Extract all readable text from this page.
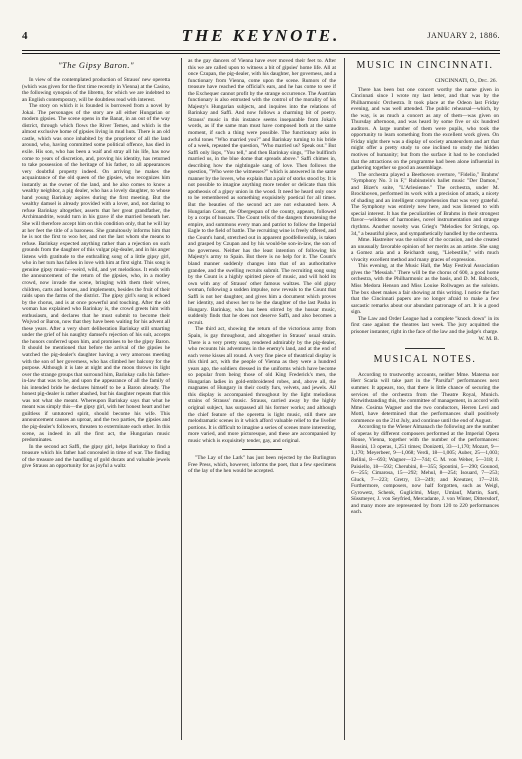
4	THE KEYNOTE.	JANUARY 2, 1886.
"The Gipsy Baron."

In view of the contemplated production of Strauss' new operetta (which was given for the first time recently in Vienna) at the Casino, the following synopsis of the libretto, for which we are indebted to an English contemporary, will be doubtless read with interest.

The story on which it is founded is borrowed from a novel by Jokai. The personages of the story are all either Hungarian or modern gipsies. The scene opens in the Banat, in an out of the way district, through which flows the River Temes, and which is the almost exclusive home of gipsies living in mud huts. There is an old castle, which was once inhabited by the proprietor of all the land around, who, having committed some political offence, has died in exile. His son, who has been a waif and stray all his life, has now come to years of discretion, and, proving his identity, has returned to take possession of the heritage of his father, to all appearances very doubtful property indeed. On arriving he makes the acquaintance of the old queen of the gipsies, who recognizes him instantly as the owner of the land, and he also comes to know a wealthy neighbor, a pig dealer, who has a lovely daughter, to whose hand young Barinkay aspires during the first meeting. But the wealthy damsel is already provided with a lover, and, not daring to refuse Barinkay altogether, asserts that her great grandfather, the Archimandrite, would turn in his grave if she married beneath her. She will therefore accept him on this condition only, that he will lay at her feet the title of a baroness. She gratuitously informs him that he is not the first to woo her, and not the last whom she means to refuse. Barinkay expected anything rather than a rejection on such grounds from the daughter of this vulgar pig-dealer, and in his anger listens with gratitude to the enthralling song of a little gipsy girl, who in her turn has fallen in love with him at first sight. This song is genuine gipsy music—weird, wild, and yet melodious. It ends with the announcement of the return of the gipsies, who, in a motley crowd, now invade the scene, bringing with them their wives, children, carts and horses, and implements, besides the fruit of their raids upon the farms of the district. The gipsy girl's song is echoed by the chorus, and is at once powerful and touching. After the old woman has explained who Barinkay is, the crowd greets him with enthusiasm, and declares that he must submit to become their Wojvod or Baron, now that they have been waiting for his advent all these years. After a very short deliberation Barinkay still smarting under the grief of his naughty damsel's rejection of his suit, accepts the honors conferred upon him, and promises to be the gipsy Baron. It should be mentioned that before the arrival of the gipsies he watched the pig-dealer's daughter having a very amorous meeting with the son of her governess, who has climbed her balcony for the purpose. Although it is late at night and the moon throws its light over the strange groups that surround him, Barinkay calls his father-in-law that was to be, and upon the appearance of all the family of his intended bride he declares himself to be a Baron already. The honest pig-dealer is rather abashed, but his daughter repeats that this was not what she meant. Whereupon Barinkay says that what he meant was simply this—the gipsy girl, with her honest heart and her guiltless if untutored spirit, should become his wife. This announcement causes an uproar, and the two parties, the gipsies and the pig-dealer's followers, threaten to exterminate each other. In this scene, as indeed in all the first act, the Hungarian music predominates.

In the second act Saffi, the gipsy girl, helps Barinkay to find a treasure which his father had concealed in time of war. The finding of the treasure and the handling of gold ducats and valuable jewels give Strauss an opportunity for as joyful a waltz

as the gay dancers of Vienna have ever moved their feet to. After this we are called upon to witness a bit of gipsies' home life. All at once Czupan, the pig-dealer, with his daughter, her governess, and a functionary from Vienna, come upon the scene. Rumors of the treasure have reached the official's ears, and he has come to see if the Exchequer cannot profit by the strange occurrence. The Austrian functionary is also entrusted with the control of the morality of his Majesty's Hungarian subjects, and inquires into the relations of Barinkay and Saffi. And now follows a charming bit of poetry. Strauss' music in this instance seems inseparable from Jokai's words, as if the same man must have composed both at the same moment, if such a thing were possible. The functionary asks in awful tones "Who married you?" and Barinkay turning to his bride of a week, repeated the question, "Who married us? Speak out." But Saffi only lisps, "You tell," and then Barinkay sings, "The bullfinch married us, in the blue dome that spreads above." Saffi chimes in, describing how the nightingale sang of love. Then follows the question, "Who were the witnesses?" which is answered in the same manner by the lovers, who explain that a pair of storks stood by. It is not possible to imagine anything more tender or delicate than this apotheosis of a gipsy union in the wood. It need be heard only once to be remembered as something exquisitely poetical for all times. But the beauties of the second act are not exhausted here. A Hungarian Count, the Obergespan of the county, appears, followed by a corps of hussars. The Count tells of the dangers threatening the empire, and summons every man and patriot to follow the Imperial Eagle to the field of battle. The recruiting wine is freely offered, and the Count's hand, stretched out in apparent goodfellowship, is taken and grasped by Czupan and by his would-be son-in-law, the son of the governess. Neither has the least intention of following his Majesty's army to Spain. But there is no help for it. The Count's bland manner suddenly changes into that of an authoritative grandee, and the swelling recruits submit. The recruiting song sung by the Count is a highly spirited piece of music, and will hold its own with any of Strauss' other famous waltzes. The old gipsy woman, following a sudden impulse, now reveals to the Count that Saffi is not her daughter, and gives him a document which proves her identity, and shows her to be the daughter of the last Pasha in Hungary. Barinkay, who has been stirred by the hussar music, suddenly finds that he does not deserve Saffi, and also becomes a recruit.

The third act, showing the return of the victorious army from Spain, is gay throughout, and altogether in Strauss' usual strain. There is a very pretty song, rendered admirably by the pig-dealer, who recounts his adventures in the enemy's land, and at the end of each verse kisses all round. A very fine piece of theatrical display is this third act, with the people of Vienna as they were a hundred years ago, the soldiers dressed in the uniforms which have become so popular from being those of old King Frederick's men, the Hungarian ladies in gold-embroidered robes, and, above all, the magnates of Hungary in their costly furs, velvets, and jewels. All this display is accompanied throughout by the light melodious strains of Strauss' music. Strauss, carried away by the highly original subject, has surpassed all his former works; and although the chief feature of the operetta is light music, still there are melodramatic scenes in it which afford valuable relief to the livelier portions. It is difficult to imagine a series of scenes more interesting, more varied, and more picturesque, and these are accompanied by music which is exquisitely tender, gay, and original.

"The Lay of the Lark" has just been rejected by the Burlington Free Press, which, however, informs the poet, that a few specimens of the lay of the hen would be accepted.

MUSIC IN CINCINNATI.
CINCINNATI, O., Dec. 26.

There has been but one concert worthy the name given in Cincinnati since I wrote my last letter, and that was by the Philharmonic Orchestra. It took place at the Odeon last Friday evening, and was well attended. The public rehearsal—which, by the way, is as much a concert as any of them—was given on Thursday afternoon, and was heard by some five or six hundred auditors. A large number of them were pupils, who took the opportunity to learn something from the excellent work given. On Friday night there was a display of society amateurdom and art that might offer a pretty study to one inclined to study the hidden motives of humanity; but from the surface it had to be concluded that the attractions on the programme had been alone influential in gathering together so good an assemblage.

The orchestra played a Beethoven overture, "Fidelio," Brahms' "Symphony No. 3 in F," Rubinstein's ballet music "Der Damon," and Bizet's suite, "L'Arlesienne." The orchestra, under M. Brockhoven, performed its work with a precision of attack, a nicety of shading and an intelligent comprehension that was very grateful. The Symphony was entirely new here, and was listened to with special interest. It has the peculiarities of Brahms in their strongest flavor—wildness of harmonies, novel instrumentation and strange rhythms. Another novelty was Grieg's "Melodies for Strings, op. 34," a beautiful piece, and sympathetically handled by the orchestra.

Mme. Hastreiter was the soloist of the occasion, and she created an unusually favorable opinion of her merits as an artiste. She sang a Gomez aria and a Reichardt song, "Liebestille," with much vivacity excellent method and many graces of expression.

This evening, at the Music Hall, the May Festival Association gives the "Messiah." There will be the chorus of 600, a good home orchestra, with the Philharmonic as the basis, and D. M. Babcock, Miss Medora Henson and Miss Louise Rollwagen as the soloists. The box sheet makes a fair showing at this writing. I notice the fact that the Cincinnati papers are no longer afraid to make a few sarcastic remarks about our abundant patronage of art. It is a good sign.

The Law and Order League had a complete "knock down" in its first case against the theatres last week. The jury acquitted the prisoner instanter, right in the face of the law and the judge's charge.

W. M. B.
MUSICAL NOTES.

According to trustworthy accounts, neither Mme. Materna nor Herr Scaria will take part in the "Parsifal" performances next summer. It appears, too, that there is little chance of securing the services of the orchestra from the Theatre Royal, Munich. Notwithstanding this, the committee of management, in accord with Mme. Cosima Wagner and the two conductors, Herren Levi and Mottl, have determined that the performances shall positively commence on the 21st July, and continue until the end of August.

According to the Wiener Almanach the following are the number of operas by different composers performed at the Imperial Opera House, Vienna, together with the number of the performances: Rossini, 13 operas, 1,251 times; Donizetti, 33—1,170; Mozart, 9—1,170; Meyerbeer, 9—1,068; Verdi, 18—1,005; Auber, 25—1,003; Bellini, 8—693; Wagner—12—744; C. M. von Weber, 5—318; J. Paisiello, 18—592; Cherubini, 8—355; Spontini, 5—290; Gounod, 6—255; Cimarosa, 15—292; Mehul, 8—254; Isouard, 7—253; Gluck, 7—223; Gretry, 13—249; and Kreutzer, 17—218. Furthermore, composers, now half forgotten, such as Weigl, Gyrowetz, Schenk, Gugliclmi, Mayr, Umlauf, Martin, Sarti, Süssmeyer, J. von Seyfried, Mercadante, J. von Winter, Dittersdorf, and many more are represented by from 120 to 220 performances each.
